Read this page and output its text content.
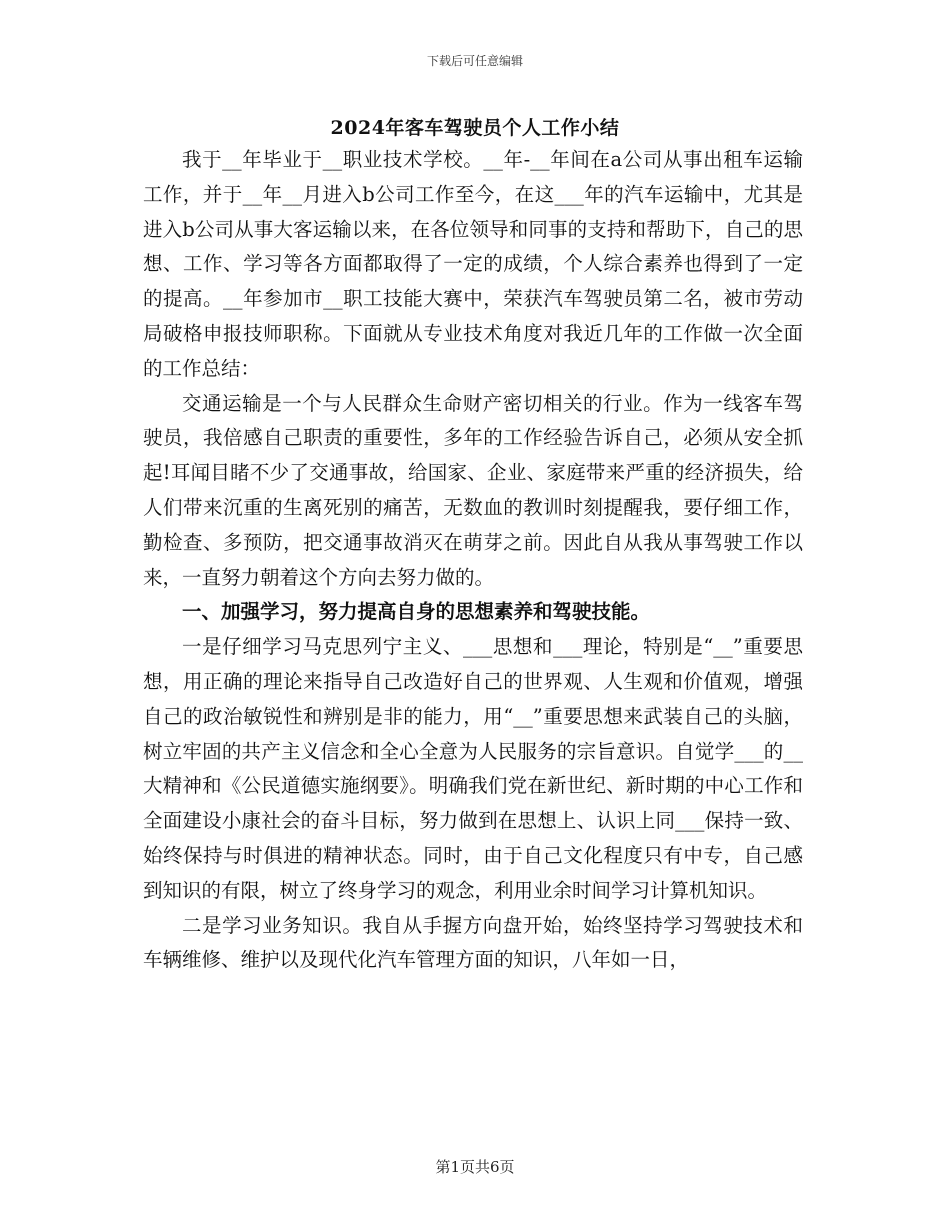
下载后可任意编辑
2024年客车驾驶员个人工作小结

我于__年毕业于__职业技术学校。__年-__年间在a公司从事出租车运输工作，并于__年__月进入b公司工作至今，在这___年的汽车运输中，尤其是进入b公司从事大客运输以来，在各位领导和同事的支持和帮助下，自己的思想、工作、学习等各方面都取得了一定的成绩，个人综合素养也得到了一定的提高。__年参加市__职工技能大赛中，荣获汽车驾驶员第二名，被市劳动局破格申报技师职称。下面就从专业技术角度对我近几年的工作做一次全面的工作总结：

交通运输是一个与人民群众生命财产密切相关的行业。作为一线客车驾驶员，我倍感自己职责的重要性，多年的工作经验告诉自己，必须从安全抓起!耳闻目睹不少了交通事故，给国家、企业、家庭带来严重的经济损失，给人们带来沉重的生离死别的痛苦，无数血的教训时刻提醒我，要仔细工作，勤检查、多预防，把交通事故消灭在萌芽之前。因此自从我从事驾驶工作以来，一直努力朝着这个方向去努力做的。

一、加强学习，努力提高自身的思想素养和驾驶技能。

一是仔细学习马克思列宁主义、___思想和___理论，特别是“__”重要思想，用正确的理论来指导自己改造好自己的世界观、人生观和价值观，增强自己的政治敏锐性和辨别是非的能力，用“__”重要思想来武装自己的头脑，树立牢固的共产主义信念和全心全意为人民服务的宗旨意识。自觉学___的__大精神和《公民道德实施纲要》。明确我们党在新世纪、新时期的中心工作和全面建设小康社会的奋斗目标，努力做到在思想上、认识上同___保持一致、始终保持与时俱进的精神状态。同时，由于自己文化程度只有中专，自己感到知识的有限，树立了终身学习的观念，利用业余时间学习计算机知识。

二是学习业务知识。我自从手握方向盘开始，始终坚持学习驾驶技术和车辆维修、维护以及现代化汽车管理方面的知识，八年如一日，

第1页共6页
